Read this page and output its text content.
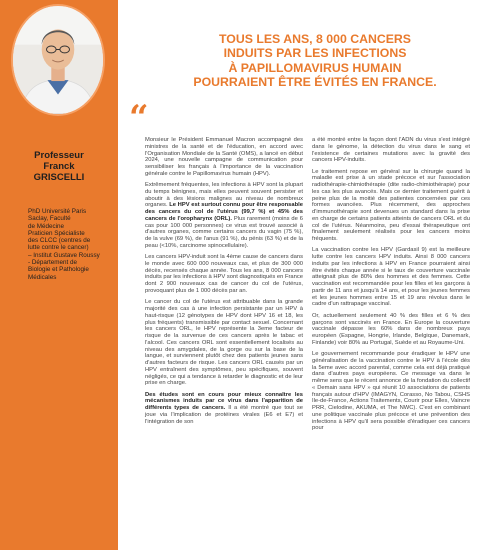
Professeur
Franck
GRISCELLI
PhD Université Paris
Saclay, Faculté
de Médecine
Praticien Spécialiste
des CLCC (centres de
lutte contre le cancer)
– Institut Gustave Roussy
- Département de
Biologie et Pathologie
Médicales
TOUS LES ANS, 8 000 CANCERS
INDUITS PAR LES INFECTIONS
À PAPILLOMAVIRUS HUMAIN
POURRAIENT ÊTRE ÉVITÉS EN FRANCE.
“

Monsieur le Président Emmanuel Macron accompagné des ministres de la santé et de l'éducation, en accord avec l'Organisation Mondiale de la Santé (OMS), a lancé en début 2024, une nouvelle campagne de communication pour sensibiliser les français à l'importance de la vaccination générale contre le Papillomavirus humain (HPV).

Extrêmement fréquentes, les infections à HPV sont la plupart du temps bénignes, mais elles peuvent souvent persister et aboutir à des lésions malignes au niveau de nombreux organes. Le HPV est surtout connu pour être responsable des cancers du col de l'utérus (99,7 %) et 45% des cancers de l'oropharynx (ORL). Plus rarement (moins de 6 cas pour 100 000 personnes) ce virus est trouvé associé à d'autres organes, comme certains cancers du vagin (75 %), de la vulve (69 %), de l'anus (91 %), du pénis (63 %) et de la peau (<10%, carcinome spinocellulaire).

Les cancers HPV-induit sont la 4ème cause de cancers dans le monde avec 600 000 nouveaux cas, et plus de 300 000 décès, recensés chaque année. Tous les ans, 8 000 cancers induits par les infections à HPV sont diagnostiqués en France dont 2 900 nouveaux cas de cancer du col de l'utérus, provoquant plus de 1 000 décès par an.

Le cancer du col de l'utérus est attribuable dans la grande majorité des cas à une infection persistante par un HPV à haut-risque (12 génotypes de HPV dont HPV 16 et 18, les plus fréquents) transmissible par contact sexuel. Concernant les cancers ORL, le HPV représente la 3eme facteur de risque de la survenue de ces cancers après le tabac et l'alcool. Ces cancers ORL sont essentiellement localisés au niveau des amygdales, de la gorge ou sur la base de la langue, et surviennent plutôt chez des patients jeunes sans d'autres facteurs de risque. Les cancers ORL causés par un HPV entraînent des symptômes, peu spécifiques, souvent négligés, ce qui a tendance à retarder le diagnostic et de leur prise en charge.

Des études sont en cours pour mieux connaître les mécanismes induits par ce virus dans l'apparition de différents types de cancers. Il a été montré que tout se joue via l'implication de protéines virales (E6 et E7) et l'intégration de son

a été montré entre la façon dont l'ADN du virus s'est intégré dans le génome, la détection du virus dans le sang et l'existence de certaines mutations avec la gravité des cancers HPV-induits.

Le traitement repose en général sur la chirurgie quand la maladie est prise à un stade précoce et sur l'association radiothérapie-chimiothérapie (dite radio-chimiothérapie) pour les cas les plus avancés. Mais ce dernier traitement guérit à peine plus de la moitié des patientes concernées par ces formes avancées. Plus récemment, des approches d'immunothérapie sont devenues un standard dans la prise en charge de certains patients atteints de cancers ORL et du col de l'utérus. Néanmoins, peu d'essai thérapeutique ont finalement seulement réalisés pour les cancers moins fréquents.

La vaccination contre les HPV (Gardasil 9) est la meilleure lutte contre les cancers HPV induits. Ainsi 8 000 cancers induits par les infections à HPV en France pourraient ainsi être évités chaque année si le taux de couverture vaccinale atteignait plus de 80% des hommes et des femmes. Cette vaccination est recommandée pour les filles et les garçons à partir de 11 ans et jusqu'à 14 ans, et pour les jeunes femmes et les jeunes hommes entre 15 et 19 ans révolus dans le cadre d'un rattrapage vaccinal.

Or, actuellement seulement 40 % des filles et 6 % des garçons sont vaccinés en France. En Europe la couverture vaccinale dépasse les 60% dans de nombreux pays européen (Espagne, Hongrie, Irlande, Belgique, Danemark, Finlande) voir 80% au Portugal, Suède et au Royaume-Uni.

Le gouvernement recommande pour éradiquer le HPV une généralisation de la vaccination contre le HPV à l'école dès la 5eme avec accord parental, comme cela est déjà pratiqué dans d'autres pays européens. Ce message va dans le même sens que le récent annonce de la fondation du collectif « Demain sans HPV » qui réunit 10 associations de patients français autour d'HPV (IMAGYN, Corasso, No Tabou, CSHS Ile-de-France, Actions Traitements, Courir pour Elles, Vaincre PRR, Cielodine, AKUMA, et The NWC). C'est en combinant une politique vaccinale plus précoce et une prévention des infections à HPV qu'il sera possible d'éradiquer ces cancers pour
